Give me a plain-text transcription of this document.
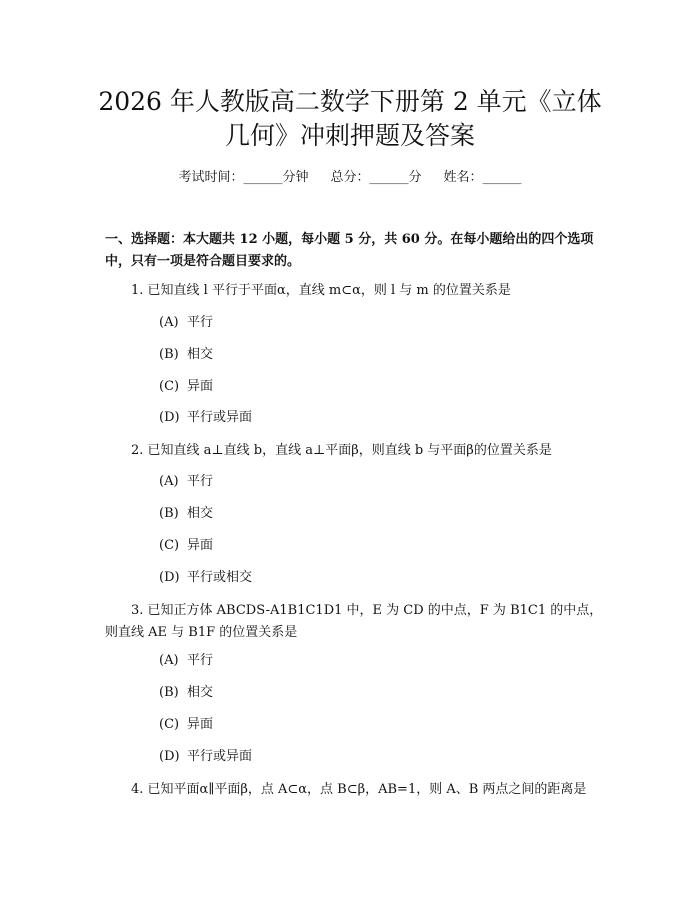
2026 年人教版高二数学下册第 2 单元《立体
几何》冲刺押题及答案
考试时间：______分钟 总分：______分 姓名：______

一、选择题：本大题共 12 小题，每小题 5 分，共 60 分。在每小题给出的四个选项中，只有一项是符合题目要求的。

1. 已知直线 l 平行于平面α，直线 m⊂α，则 l 与 m 的位置关系是

(A) 平行

(B) 相交

(C) 异面

(D) 平行或异面

2. 已知直线 a⊥直线 b，直线 a⊥平面β，则直线 b 与平面β的位置关系是

(A) 平行

(B) 相交

(C) 异面

(D) 平行或相交

3. 已知正方体 ABCDS-A1B1C1D1 中，E 为 CD 的中点，F 为 B1C1 的中点，则直线 AE 与 B1F 的位置关系是

(A) 平行

(B) 相交

(C) 异面

(D) 平行或异面

4. 已知平面α∥平面β，点 A⊂α，点 B⊂β，AB=1，则 A、B 两点之间的距离是
